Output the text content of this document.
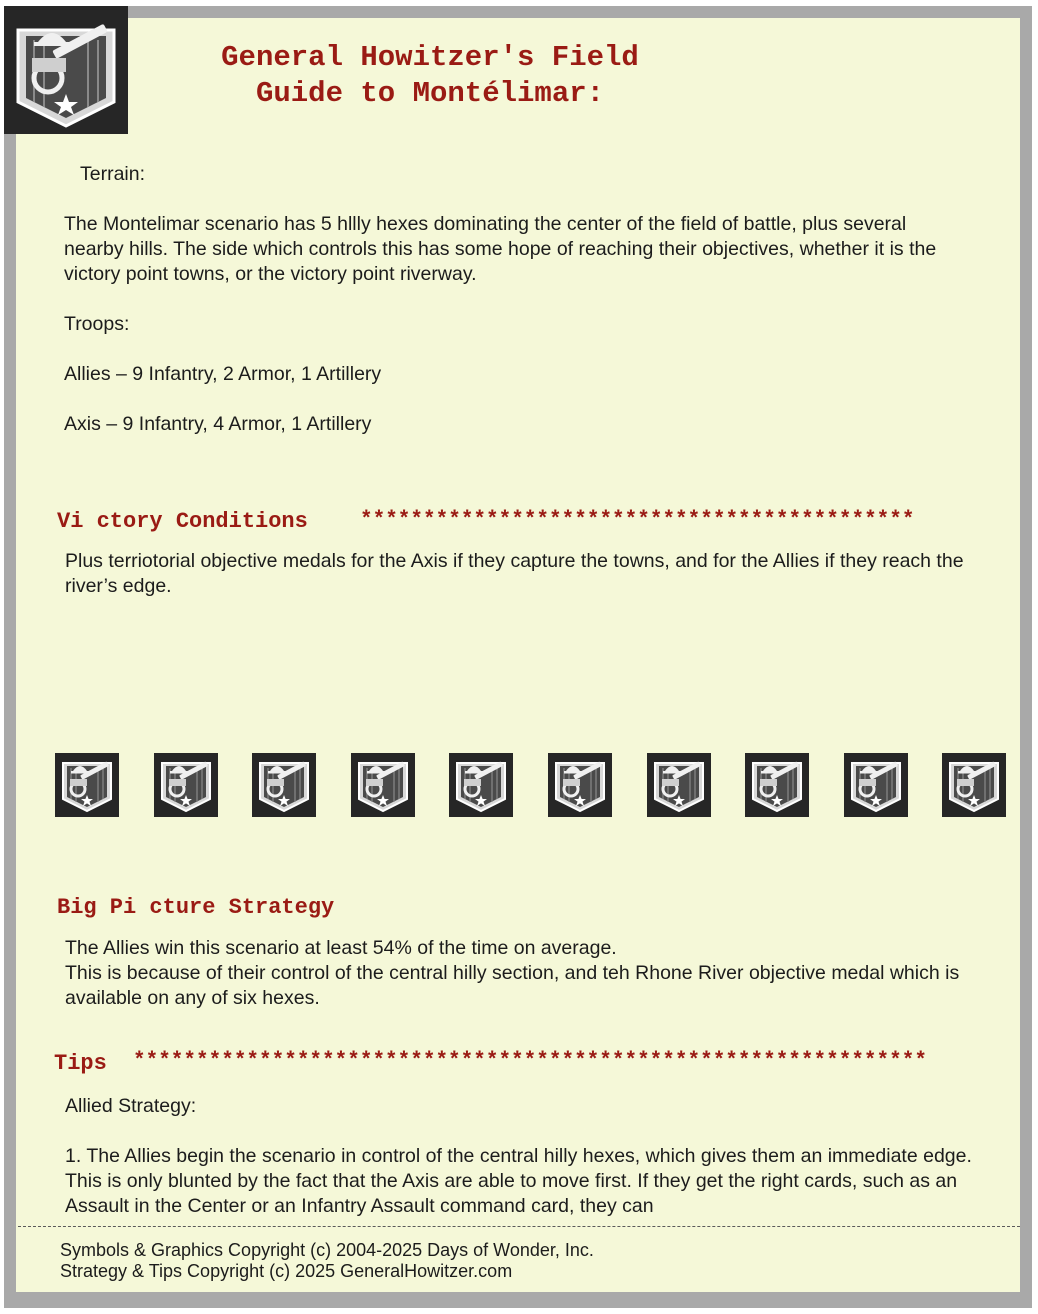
Terrain:
The Montelimar scenario has 5 hllly hexes dominating the center of the field of battle, plus several nearby hills. The side which controls this has some hope of reaching their objectives, whether it is the victory point towns, or the victory point riverway.
Troops:
Allies – 9 Infantry, 2 Armor, 1 Artillery
Axis – 9 Infantry, 4 Armor, 1 Artillery
Vi ctory Conditions ********************************************
Plus terriotorial objective medals for the Axis if they capture the towns, and for the Allies if they reach the river’s edge.
Big Pi cture Strategy
The Allies win this scenario at least 54% of the time on average.
This is because of their control of the central hilly section, and teh Rhone River objective medal which is available on any of six hexes.
Tips ***************************************************************
Allied Strategy:
1. The Allies begin the scenario in control of the central hilly hexes, which gives them an immediate edge. This is only blunted by the fact that the Axis are able to move first. If they get the right cards, such as an Assault in the Center or an Infantry Assault command card, they can
General Howitzer's Field
Guide to Montélimar:
Symbols & Graphics Copyright (c) 2004-2025 Days of Wonder, Inc.
Strategy & Tips Copyright (c) 2025 GeneralHowitzer.com
